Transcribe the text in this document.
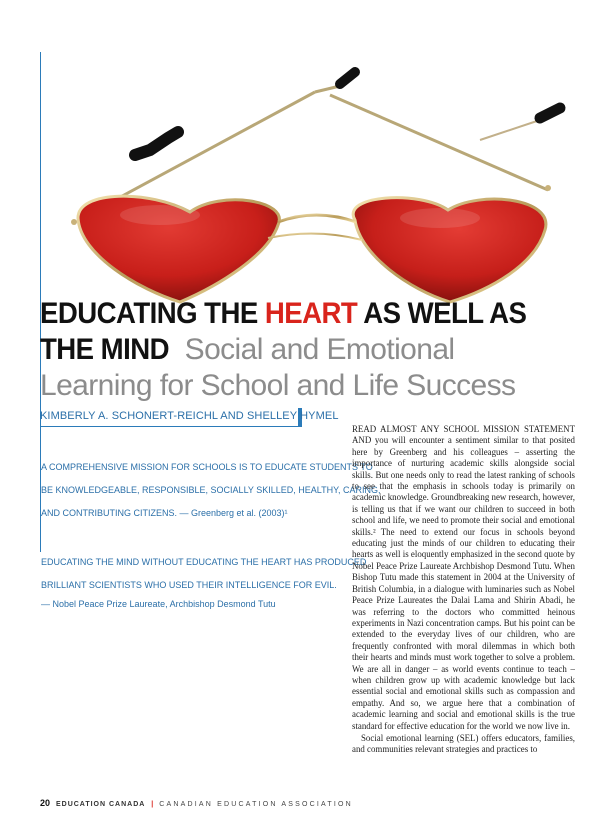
EDUCATING THE HEART AS WELL AS
THE MIND Social and Emotional
Learning for School and Life Success
KIMBERLY A. SCHONERT-REICHL AND SHELLEY HYMEL
A COMPREHENSIVE MISSION FOR SCHOOLS IS TO EDUCATE STUDENTS TO
BE KNOWLEDGEABLE, RESPONSIBLE, SOCIALLY SKILLED, HEALTHY, CARING,
AND CONTRIBUTING CITIZENS. — Greenberg et al. (2003)¹
EDUCATING THE MIND WITHOUT EDUCATING THE HEART HAS PRODUCED
BRILLIANT SCIENTISTS WHO USED THEIR INTELLIGENCE FOR EVIL.
— Nobel Peace Prize Laureate, Archbishop Desmond Tutu

READ ALMOST ANY SCHOOL MISSION STATEMENT AND you will encounter a sentiment similar to that posited here by Greenberg and his colleagues – asserting the importance of nurturing academic skills alongside social skills. But one needs only to read the latest ranking of schools to see that the emphasis in schools today is primarily on academic knowledge. Groundbreaking new research, however, is telling us that if we want our children to succeed in both school and life, we need to promote their social and emotional skills.² The need to extend our focus in schools beyond educating just the minds of our children to educating their hearts as well is eloquently emphasized in the second quote by Nobel Peace Prize Laureate Archbishop Desmond Tutu. When Bishop Tutu made this statement in 2004 at the University of British Columbia, in a dialogue with luminaries such as Nobel Peace Prize Laureates the Dalai Lama and Shirin Abadi, he was referring to the doctors who committed heinous experiments in Nazi concentration camps. But his point can be extended to the everyday lives of our children, who are frequently confronted with moral dilemmas in which both their hearts and minds must work together to solve a problem. We are all in danger – as world events continue to teach – when children grow up with academic knowledge but lack essential social and emotional skills such as compassion and empathy. And so, we argue here that a combination of academic learning and social and emotional skills is the true standard for effective education for the world we now live in.

Social emotional learning (SEL) offers educators, families, and communities relevant strategies and practices to

20 EDUCATION CANADA | CANADIAN EDUCATION ASSOCIATION
